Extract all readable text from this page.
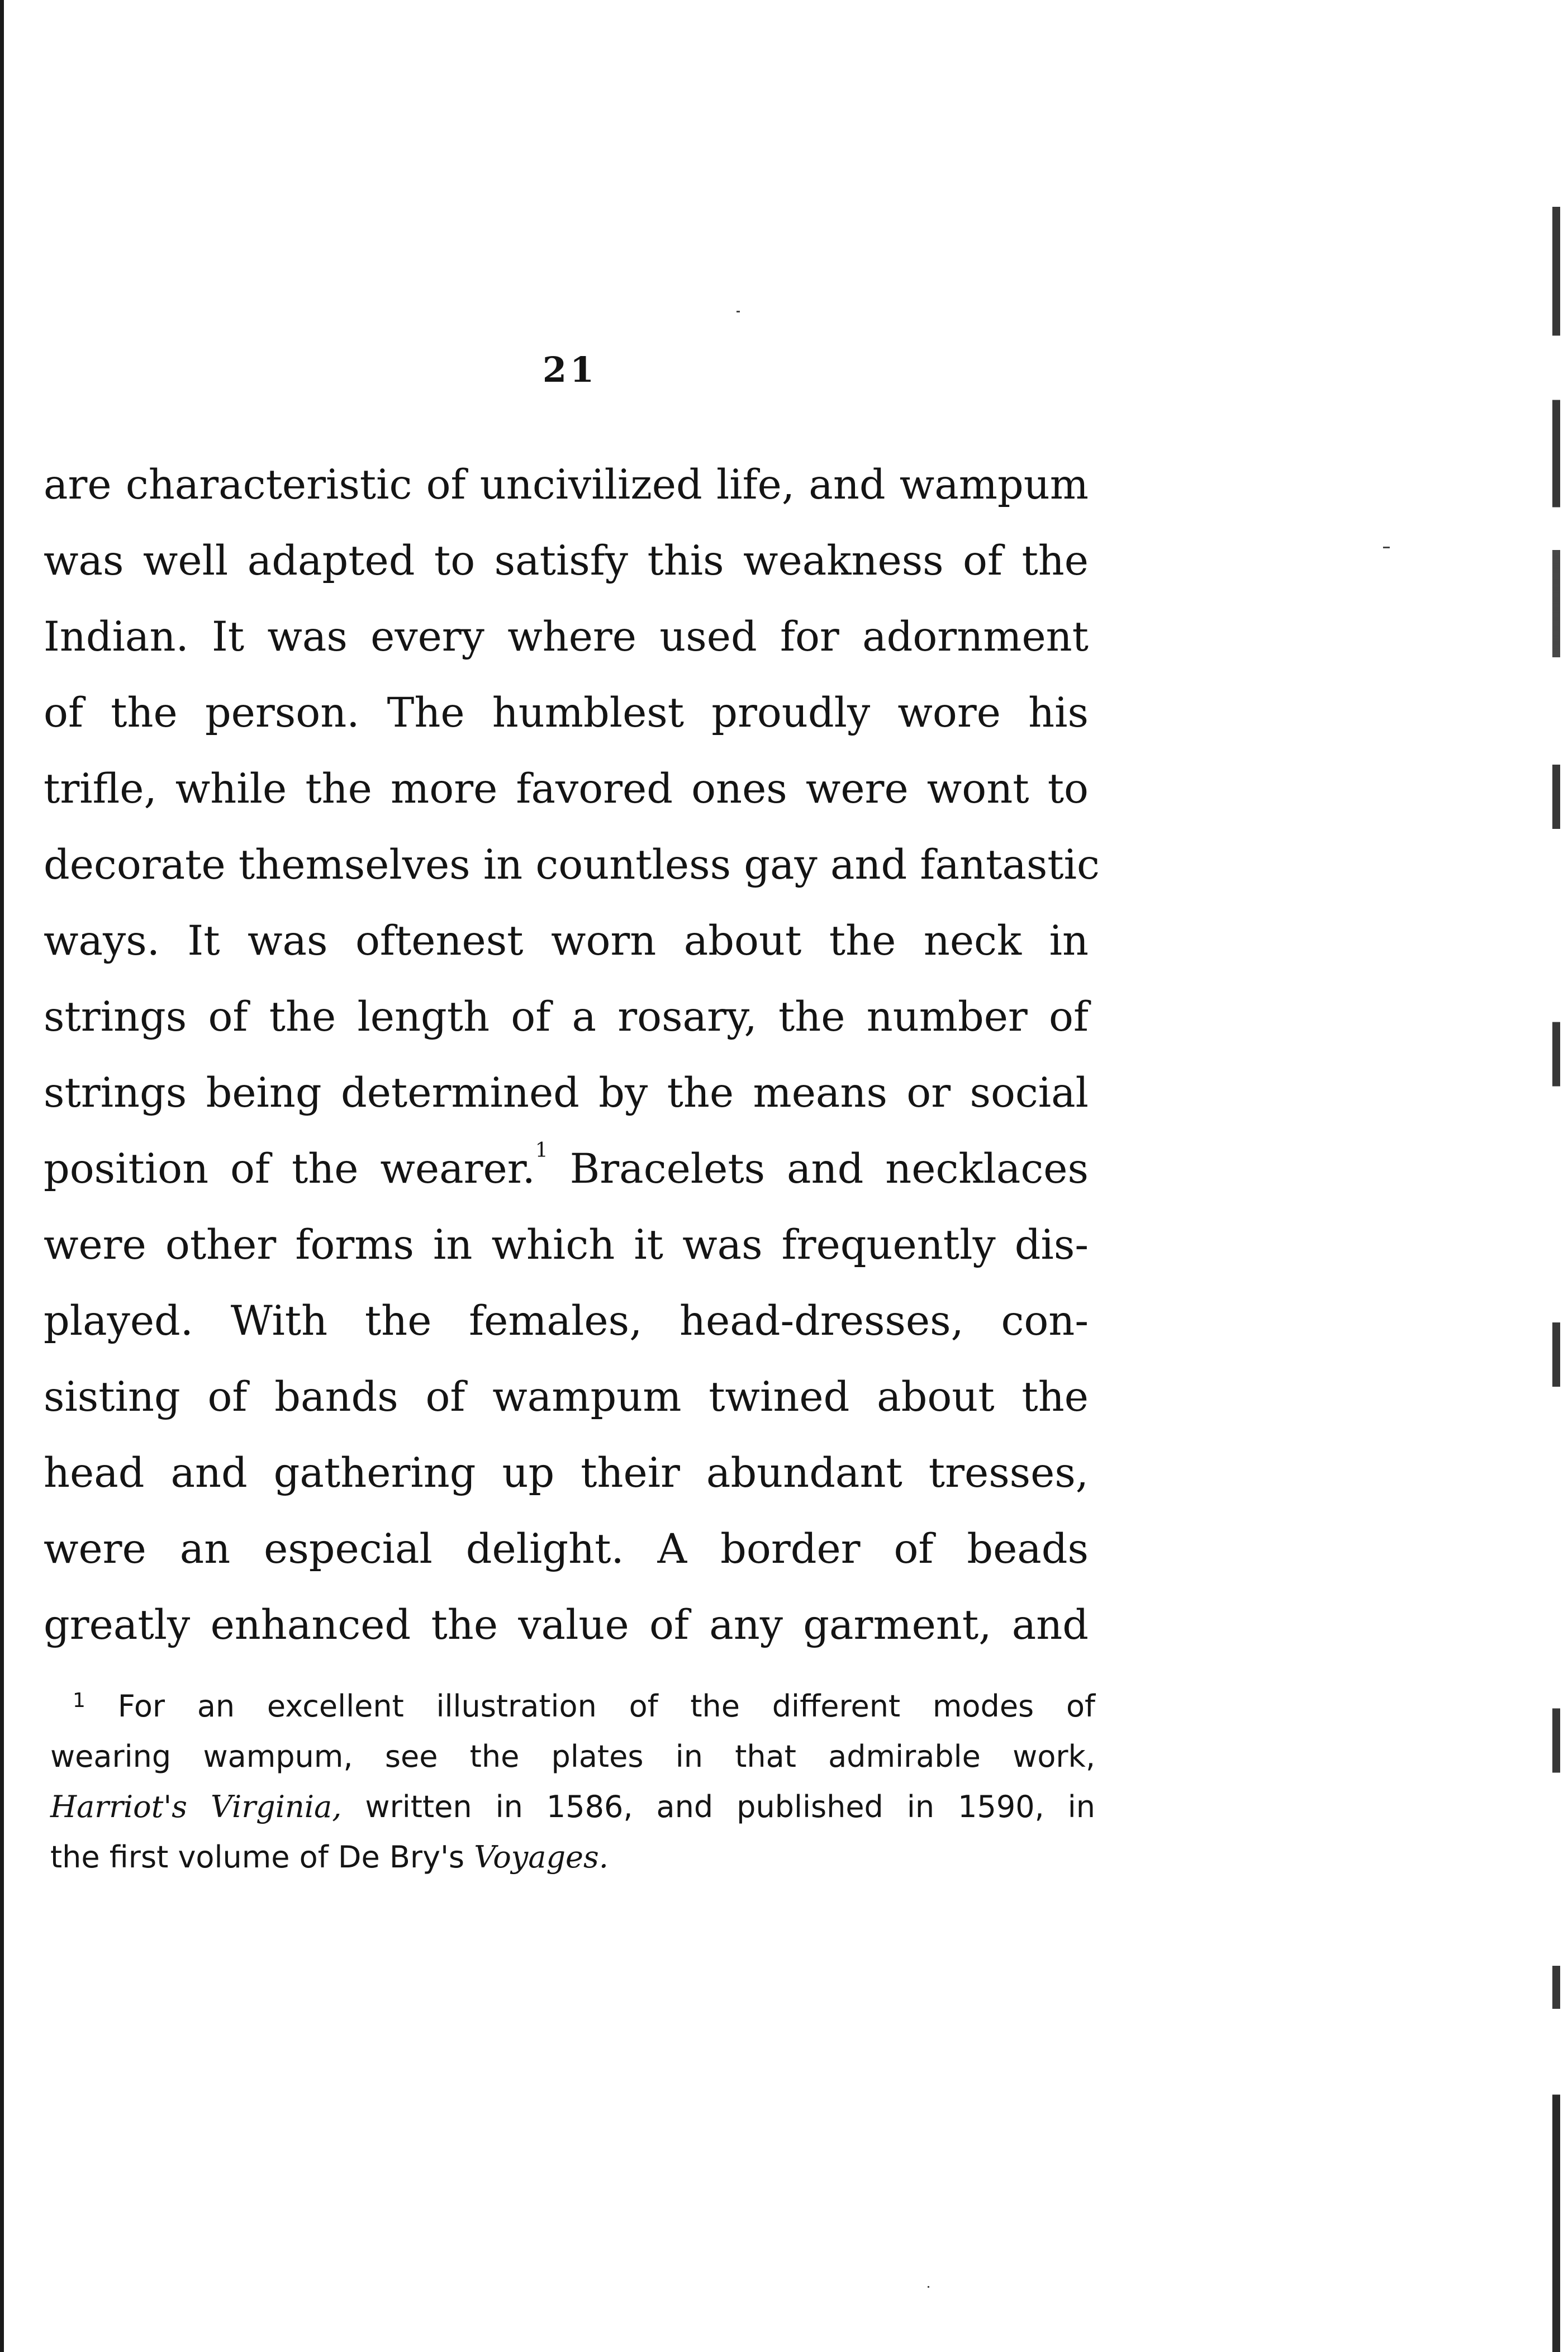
21
are characteristic of uncivilized life, and wampum
was well adapted to satisfy this weakness of the
Indian. It was every where used for adornment
of the person. The humblest proudly wore his
trifle, while the more favored ones were wont to
decorate themselves in countless gay and fantastic
ways. It was oftenest worn about the neck in
strings of the length of a rosary, the number of
strings being determined by the means or social
position of the wearer.$^1$ Bracelets and necklaces
were other forms in which it was frequently dis-
played. With the females, head-dresses, con-
sisting of bands of wampum twined about the
head and gathering up their abundant tresses,
were an especial delight. A border of beads
greatly enhanced the value of any garment, and
$^1$ For an excellent illustration of the different modes of
wearing wampum, see the plates in that admirable work,
Harriot's Virginia, written in 1586, and published in 1590, in
the first volume of De Bry's Voyages.
